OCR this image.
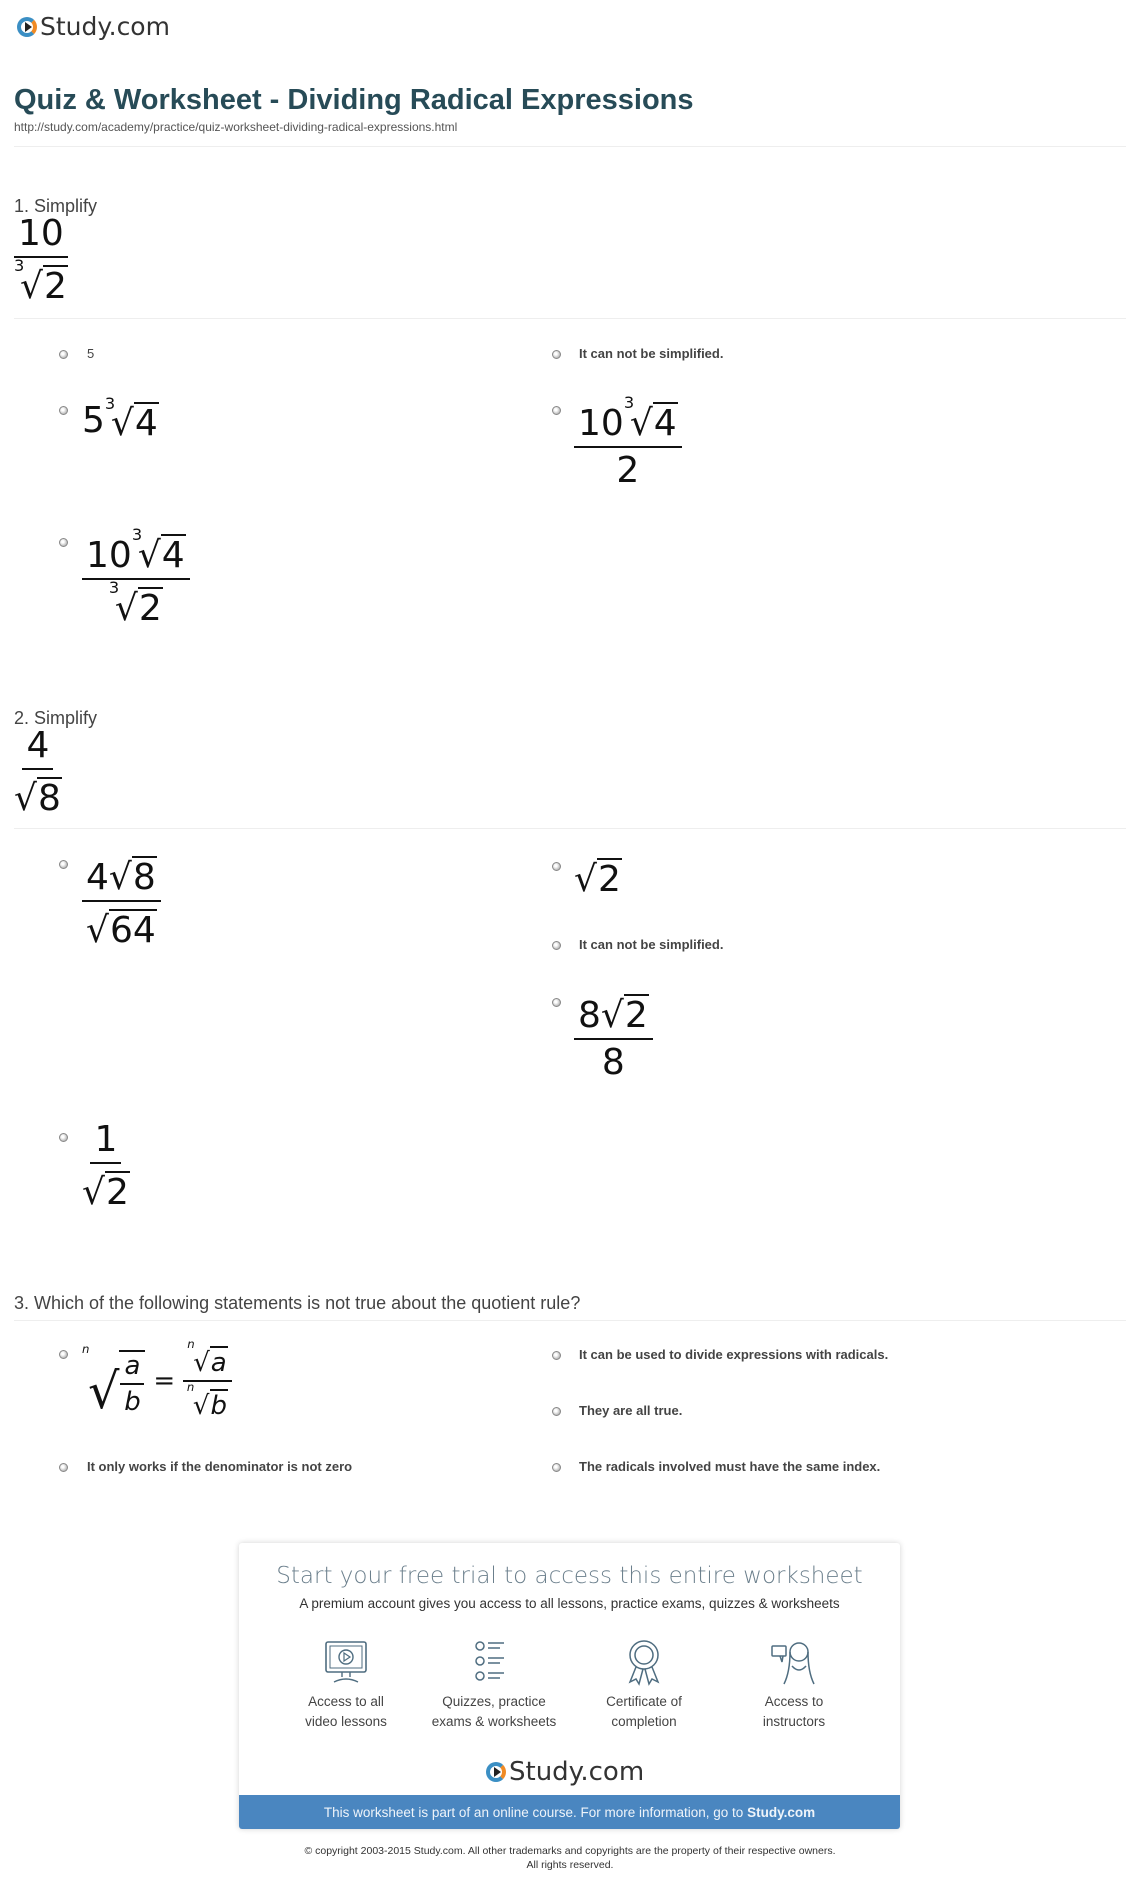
Study.com
Quiz & Worksheet - Dividing Radical Expressions
http://study.com/academy/practice/quiz-worksheet-dividing-radical-expressions.html
1. Simplify
10
3
√ 2
5	It can not be simplified.
5 3
√ 4	10
3
√ 4
2
10
3
√ 4
3
√ 2
2. Simplify
$\frac{4}{√ 8}$
$\frac{4 √ 8}{√ 64}$	√ 2
It can not be simplified.
$\frac{8 √ 2}{8}$
$\frac{1}{√ 2}$
3. Which of the following statements is not true about the quotient rule?
n
√ $\frac{a}{b} = n$
√ a
n
√ b	It can be used to divide expressions with radicals.
They are all true.
It only works if the denominator is not zero	The radicals involved must have the same index.
Start your free trial to access this entire worksheet
A premium account gives you access to all lessons, practice exams, quizzes & worksheets
Access to all
video lessons
Quizzes, practice
exams & worksheets
Certificate of
completion
Access to
instructors
Study.com
This worksheet is part of an online course. For more information, go to
Study.com
© copyright 2003-2015 Study.com. All other trademarks and copyrights are the property of their respective owners.
All rights reserved.
